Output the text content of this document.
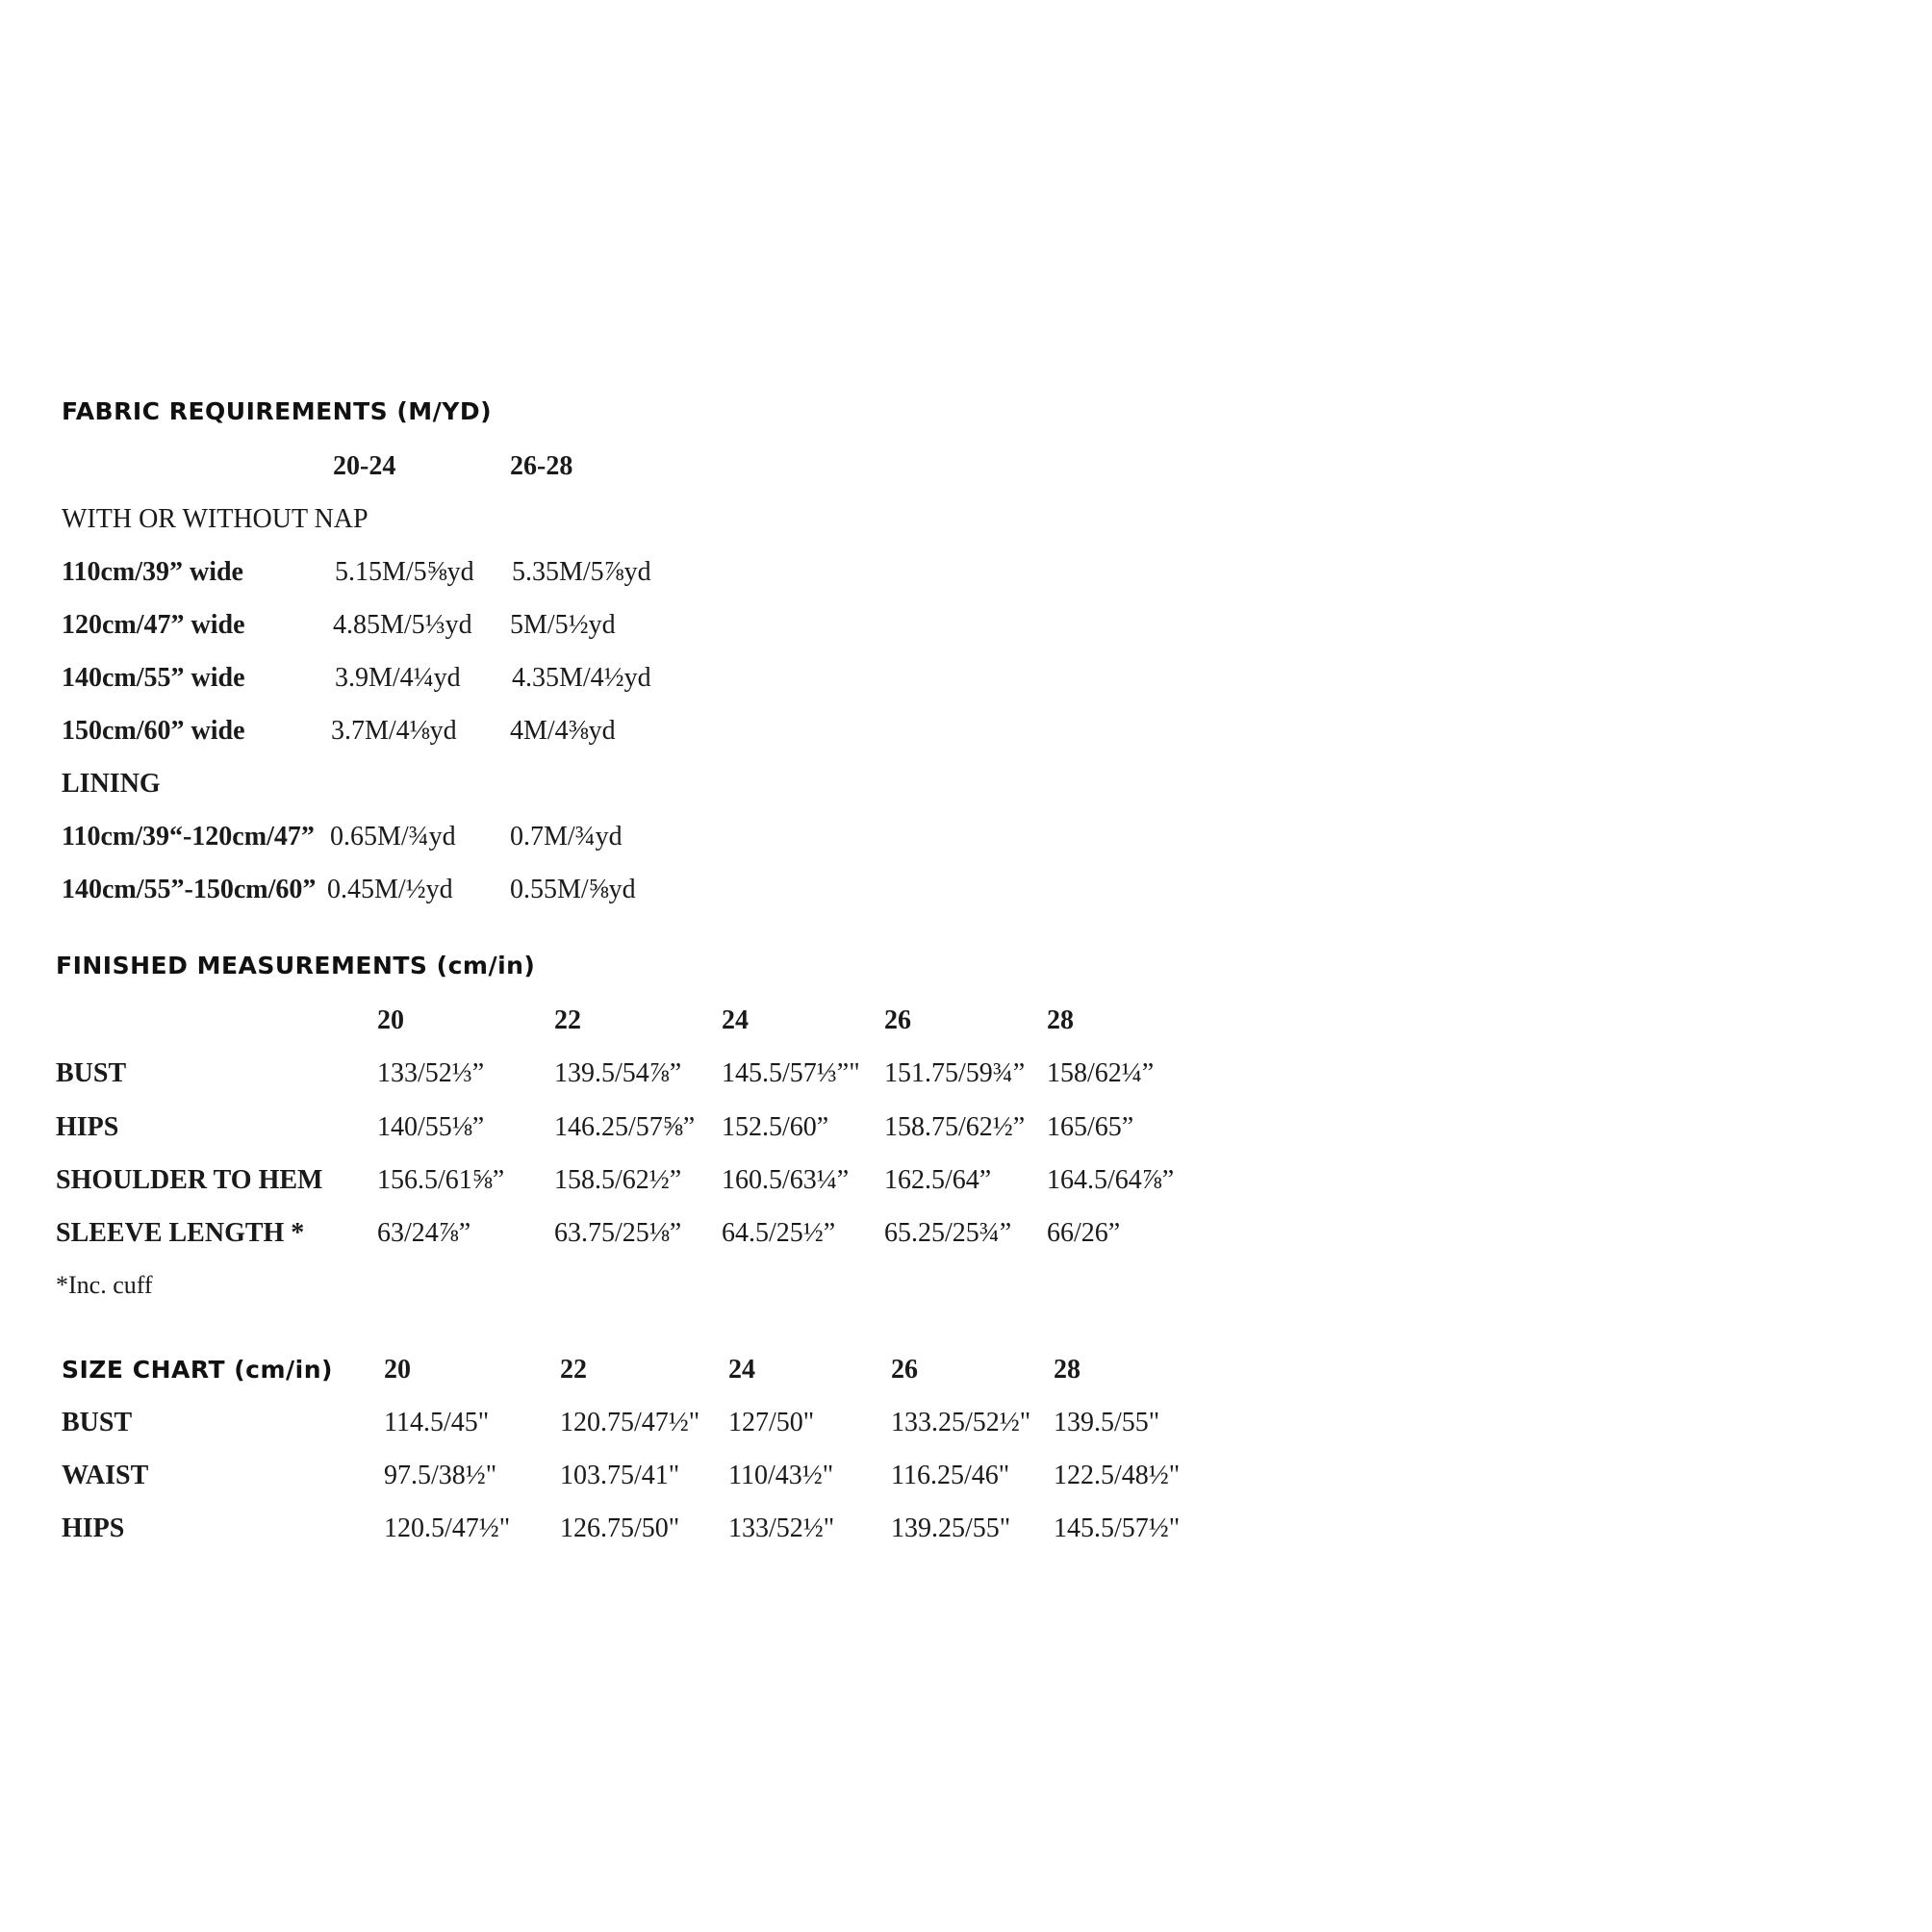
FABRIC REQUIREMENTS (M/YD)
20-24	26-28
WITH OR WITHOUT NAP
110cm/39” wide	5.15M/5⅝yd 5.35M/5⅞yd
120cm/47” wide	4.85M/5⅓yd 5M/5½yd
140cm/55” wide	3.9M/4¼yd 4.35M/4½yd
150cm/60” wide	3.7M/4⅛yd 4M/4⅜yd
LINING
110cm/39“-120cm/47” 0.65M/¾yd 0.7M/¾yd
140cm/55”-150cm/60” 0.45M/½yd 0.55M/⅝yd
FINISHED MEASUREMENTS (cm/in)
20	22	24	26	28
BUST	133/52⅓”	139.5/54⅞” 145.5/57⅓”" 151.75/59¾” 158/62¼”
HIPS	140/55⅛”	146.25/57⅝” 152.5/60” 158.75/62½” 165/65”
SHOULDER TO HEM 156.5/61⅝” 158.5/62½” 160.5/63¼” 162.5/64” 164.5/64⅞”
SLEEVE LENGTH *	63/24⅞”	63.75/25⅛” 64.5/25½” 65.25/25¾” 66/26”
*Inc. cuff
SIZE CHART (cm/in) 20	22	24	26	28
BUST	114.5/45"	120.75/47½" 127/50"	133.25/52½" 139.5/55"
WAIST	97.5/38½" 103.75/41" 110/43½" 116.25/46" 122.5/48½"
HIPS	120.5/47½" 126.75/50" 133/52½" 139.25/55" 145.5/57½"
